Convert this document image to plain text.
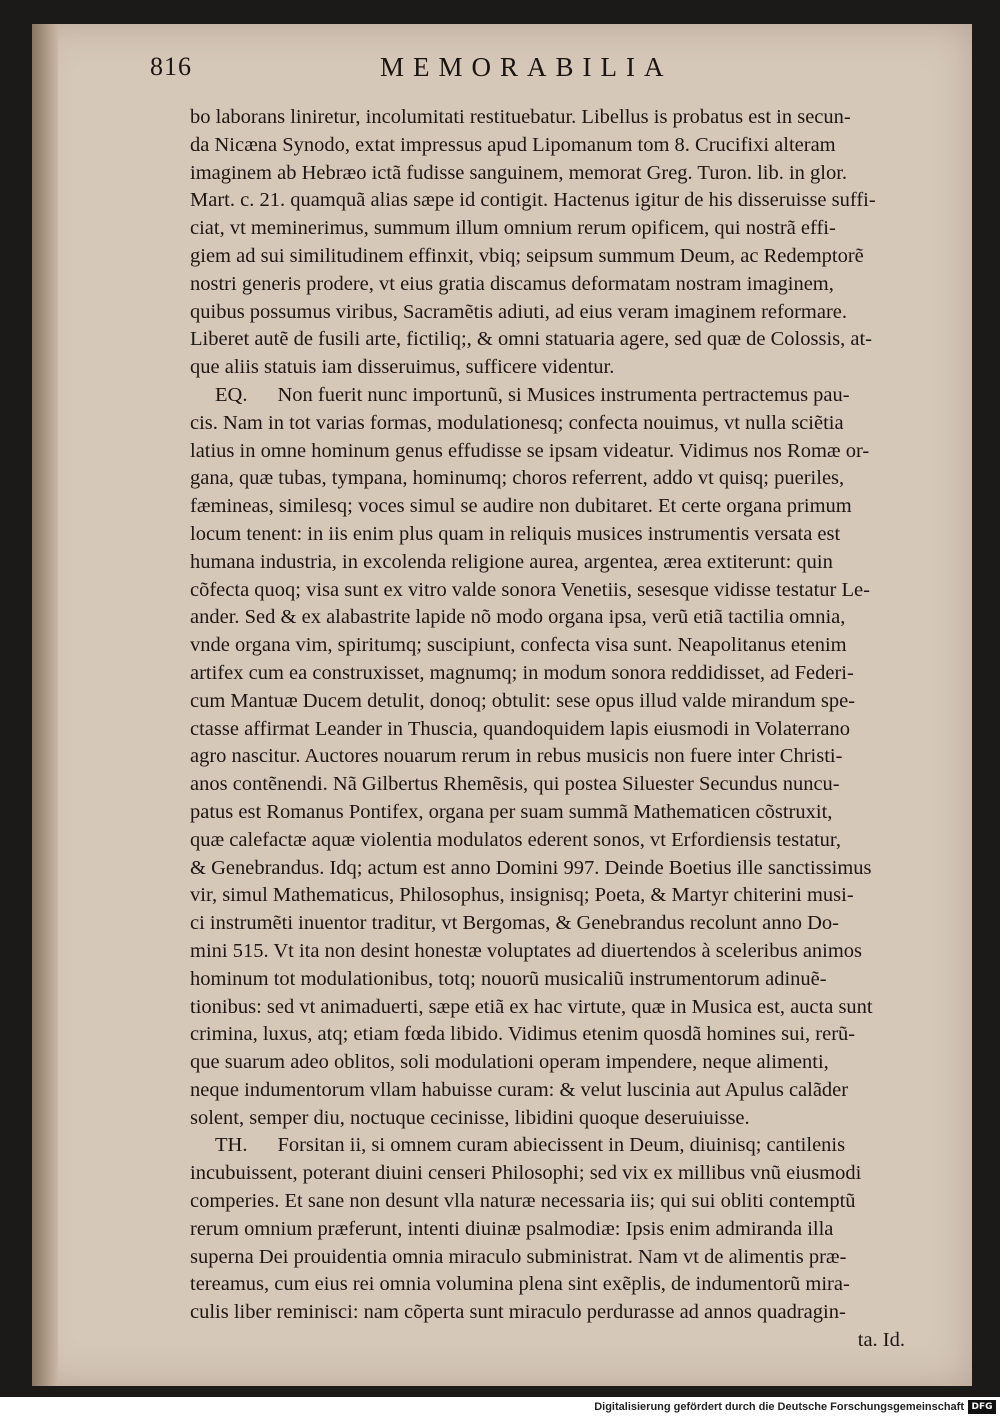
816	MEMORABILIA
bo laborans liniretur, incolumitati restituebatur. Libellus is probatus est in secun-
da Nicæna Synodo, extat impressus apud Lipomanum tom 8. Crucifixi alteram
imaginem ab Hebræo ictã fudisse sanguinem, memorat Greg. Turon. lib. in glor.
Mart. c. 21. quamquã alias sæpe id contigit. Hactenus igitur de his disseruisse suffi-
ciat, vt meminerimus, summum illum omnium rerum opificem, qui nostrã effi-
giem ad sui similitudinem effinxit, vbiq; seipsum summum Deum, ac Redemptorẽ
nostri generis prodere, vt eius gratia discamus deformatam nostram imaginem,
quibus possumus viribus, Sacramẽtis adiuti, ad eius veram imaginem reformare.
Liberet autẽ de fusili arte, fictiliq;, & omni statuaria agere, sed quæ de Colossis, at-
que aliis statuis iam disseruimus, sufficere videntur.
EQ. Non fuerit nunc importunũ, si Musices instrumenta pertractemus pau-
cis. Nam in tot varias formas, modulationesq; confecta nouimus, vt nulla sciẽtia
latius in omne hominum genus effudisse se ipsam videatur. Vidimus nos Romæ or-
gana, quæ tubas, tympana, hominumq; choros referrent, addo vt quisq; pueriles,
fæmineas, similesq; voces simul se audire non dubitaret. Et certe organa primum
locum tenent: in iis enim plus quam in reliquis musices instrumentis versata est
humana industria, in excolenda religione aurea, argentea, ærea extiterunt: quin
cõfecta quoq; visa sunt ex vitro valde sonora Venetiis, sesesque vidisse testatur Le-
ander. Sed & ex alabastrite lapide nõ modo organa ipsa, verũ etiã tactilia omnia,
vnde organa vim, spiritumq; suscipiunt, confecta visa sunt. Neapolitanus etenim
artifex cum ea construxisset, magnumq; in modum sonora reddidisset, ad Federi-
cum Mantuæ Ducem detulit, donoq; obtulit: sese opus illud valde mirandum spe-
ctasse affirmat Leander in Thuscia, quandoquidem lapis eiusmodi in Volaterrano
agro nascitur. Auctores nouarum rerum in rebus musicis non fuere inter Christi-
anos contẽnendi. Nã Gilbertus Rhemẽsis, qui postea Siluester Secundus nuncu-
patus est Romanus Pontifex, organa per suam summã Mathematicen cõstruxit,
quæ calefactæ aquæ violentia modulatos ederent sonos, vt Erfordiensis testatur,
& Genebrandus. Idq; actum est anno Domini 997. Deinde Boetius ille sanctissimus
vir, simul Mathematicus, Philosophus, insignisq; Poeta, & Martyr chiterini musi-
ci instrumẽti inuentor traditur, vt Bergomas, & Genebrandus recolunt anno Do-
mini 515. Vt ita non desint honestæ voluptates ad diuertendos à sceleribus animos
hominum tot modulationibus, totq; nouorũ musicaliũ instrumentorum adinuẽ-
tionibus: sed vt animaduerti, sæpe etiã ex hac virtute, quæ in Musica est, aucta sunt
crimina, luxus, atq; etiam fœda libido. Vidimus etenim quosdã homines sui, rerũ-
que suarum adeo oblitos, soli modulationi operam impendere, neque alimenti,
neque indumentorum vllam habuisse curam: & velut luscinia aut Apulus calãder
solent, semper diu, noctuque cecinisse, libidini quoque deseruiuisse.
TH. Forsitan ii, si omnem curam abiecissent in Deum, diuinisq; cantilenis
incubuissent, poterant diuini censeri Philosophi; sed vix ex millibus vnũ eiusmodi
comperies. Et sane non desunt vlla naturæ necessaria iis; qui sui obliti contemptũ
rerum omnium præferunt, intenti diuinæ psalmodiæ: Ipsis enim admiranda illa
superna Dei prouidentia omnia miraculo subministrat. Nam vt de alimentis præ-
tereamus, cum eius rei omnia volumina plena sint exẽplis, de indumentorũ mira-
culis liber reminisci: nam cõperta sunt miraculo perdurasse ad annos quadragin-
ta. Id.
Digitalisierung gefördert durch die Deutsche Forschungsgemeinschaft DFG
